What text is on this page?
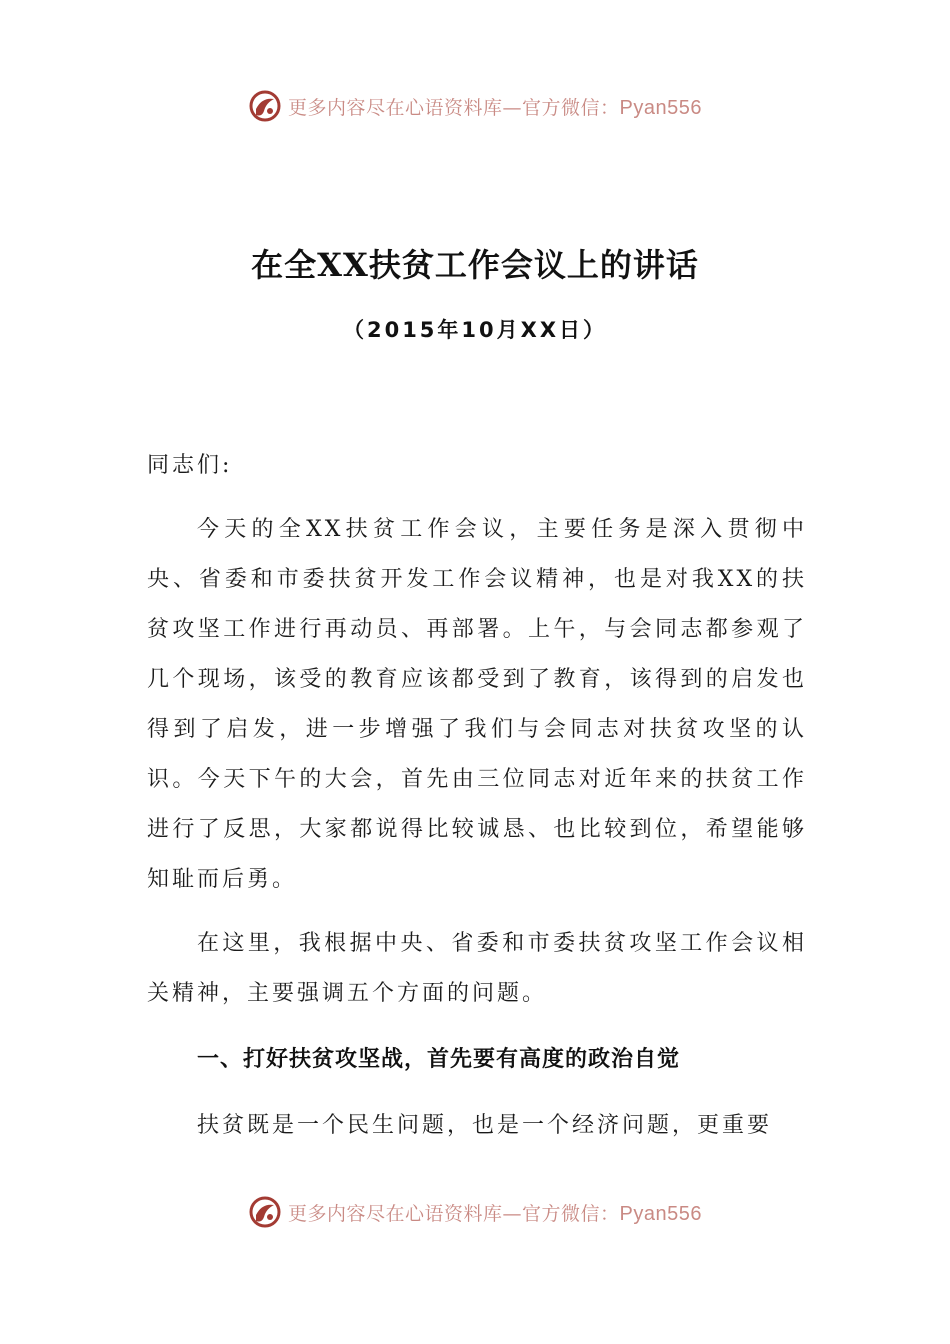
更多内容尽在心语资料库—官方微信：Pyan556
在全XX扶贫工作会议上的讲话
（2015年10月XX日）
同志们:
今天的全XX扶贫工作会议，主要任务是深入贯彻中央、省委和市委扶贫开发工作会议精神，也是对我XX的扶贫攻坚工作进行再动员、再部署。上午，与会同志都参观了几个现场，该受的教育应该都受到了教育，该得到的启发也得到了启发，进一步增强了我们与会同志对扶贫攻坚的认识。今天下午的大会，首先由三位同志对近年来的扶贫工作进行了反思，大家都说得比较诚恳、也比较到位，希望能够知耻而后勇。
在这里，我根据中央、省委和市委扶贫攻坚工作会议相关精神，主要强调五个方面的问题。
一、打好扶贫攻坚战，首先要有高度的政治自觉
扶贫既是一个民生问题，也是一个经济问题，更重要
更多内容尽在心语资料库—官方微信：Pyan556
